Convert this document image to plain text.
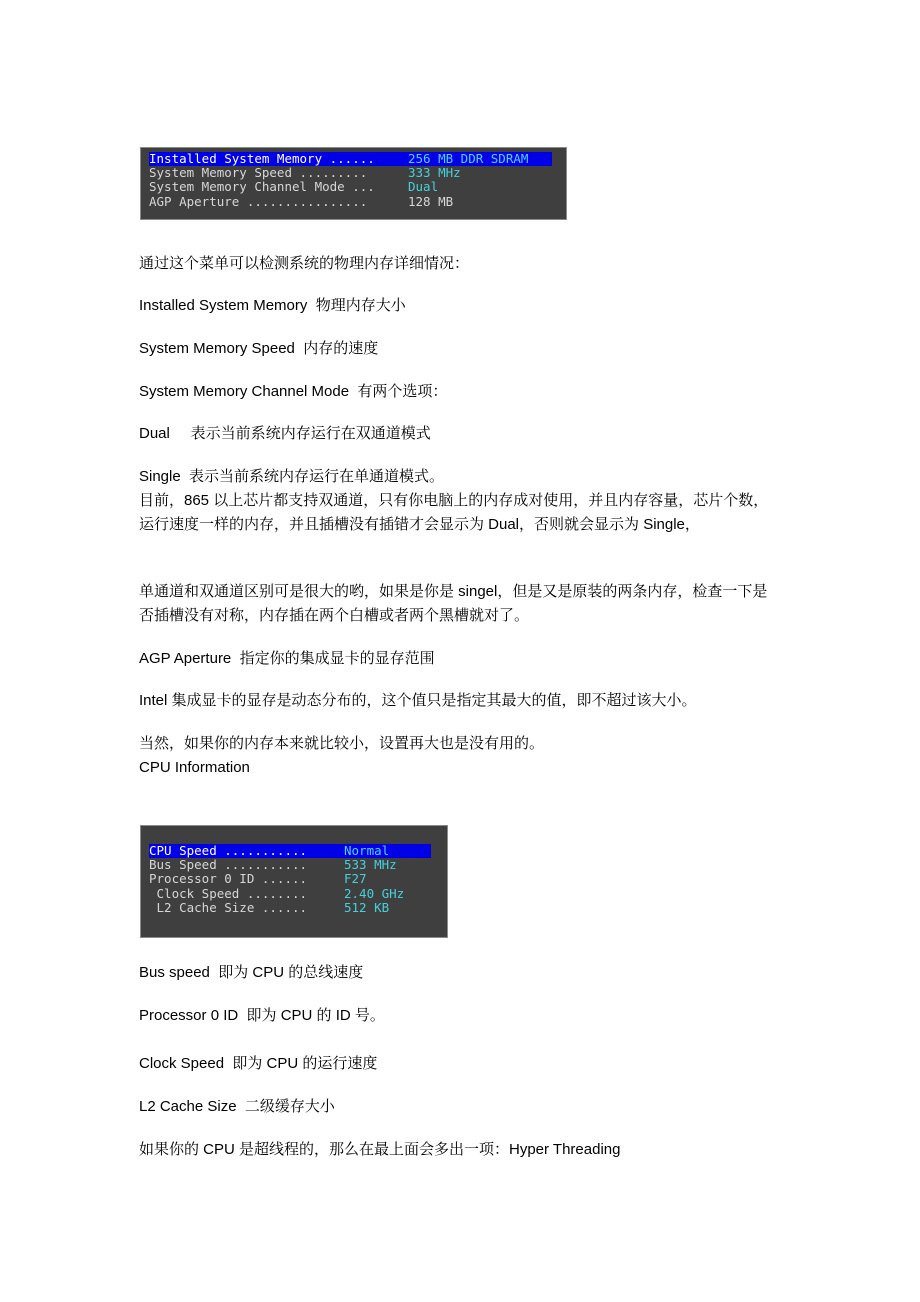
Installed System Memory ......	256 MB DDR SDRAM
System Memory Speed .........	333 MHz
System Memory Channel Mode ...	Dual
AGP Aperture ................	128 MB

通过这个菜单可以检测系统的物理内存详细情况：

Installed System Memory  物理内存大小

System Memory Speed  内存的速度

System Memory Channel Mode  有两个选项：

Dual     表示当前系统内存运行在双通道模式

Single  表示当前系统内存运行在单通道模式。

目前，865 以上芯片都支持双通道，只有你电脑上的内存成对使用，并且内存容量，芯片个数，运行速度一样的内存，并且插槽没有插错才会显示为 Dual，否则就会显示为 Single，

单通道和双通道区别可是很大的哟，如果是你是 singel，但是又是原装的两条内存，检查一下是否插槽没有对称，内存插在两个白槽或者两个黑槽就对了。

AGP Aperture  指定你的集成显卡的显存范围

Intel 集成显卡的显存是动态分布的，这个值只是指定其最大的值，即不超过该大小。

当然，如果你的内存本来就比较小，设置再大也是没有用的。

CPU Information

CPU Speed ...........	Normal
Bus Speed ...........	533 MHz
Processor 0 ID ......	F27
Clock Speed ........	2.40 GHz
L2 Cache Size ......	512 KB

Bus speed  即为 CPU 的总线速度

Processor 0 ID  即为 CPU 的 ID 号。

Clock Speed  即为 CPU 的运行速度

L2 Cache Size  二级缓存大小

如果你的 CPU 是超线程的，那么在最上面会多出一项：Hyper Threading
